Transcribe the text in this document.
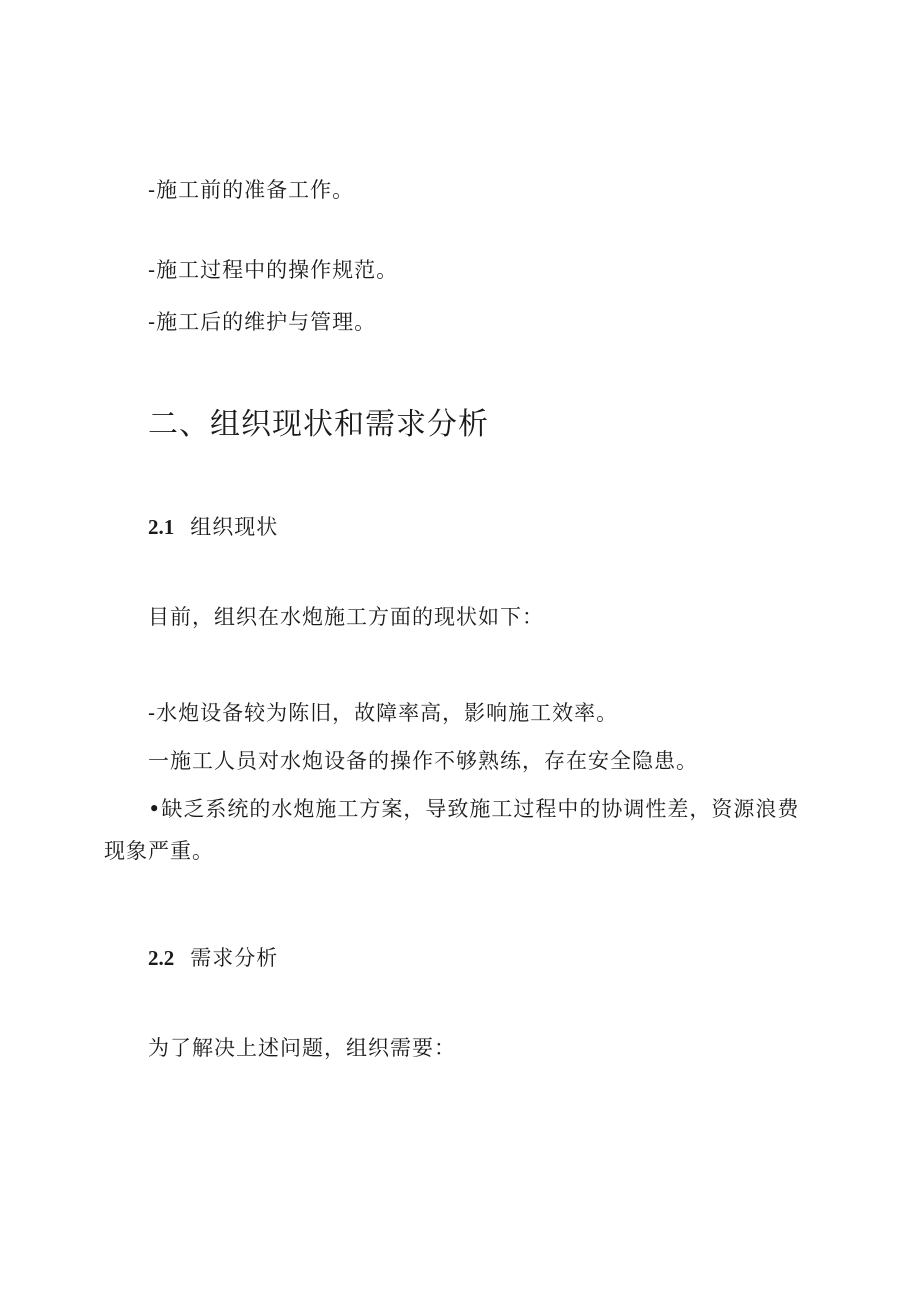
-施工前的准备工作。
-施工过程中的操作规范。
-施工后的维护与管理。
二、组织现状和需求分析
2.1 组织现状
目前，组织在水炮施工方面的现状如下：
-水炮设备较为陈旧，故障率高，影响施工效率。
一施工人员对水炮设备的操作不够熟练，存在安全隐患。
•缺乏系统的水炮施工方案，导致施工过程中的协调性差，资源浪费现象严重。
2.2 需求分析
为了解决上述问题，组织需要：
